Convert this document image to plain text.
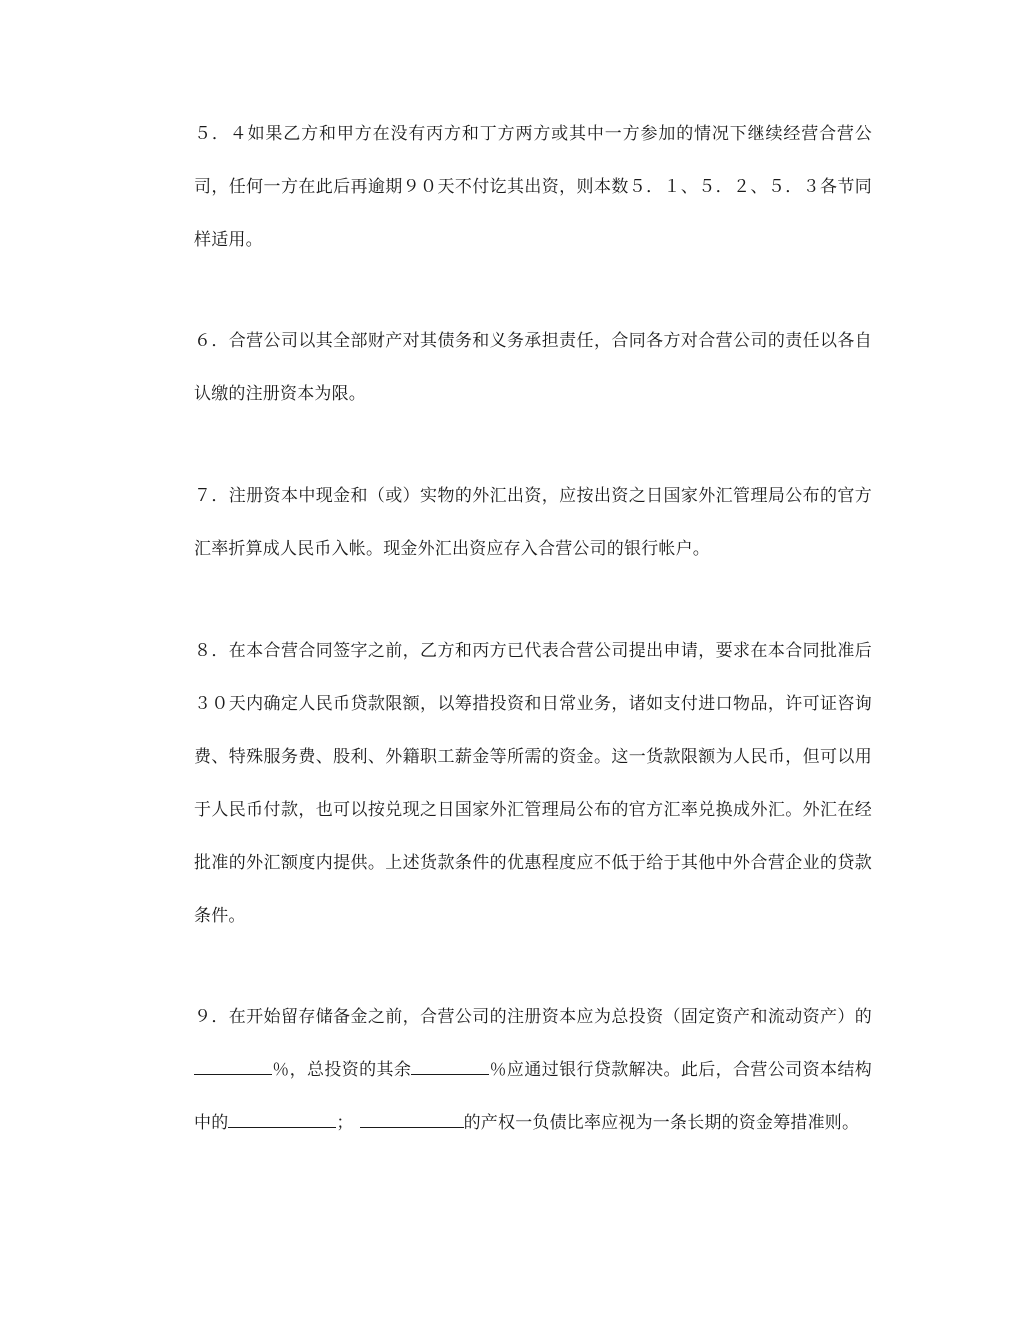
５．４如果乙方和甲方在没有丙方和丁方两方或其中一方参加的情况下继续经营合营公司，任何一方在此后再逾期９０天不付讫其出资，则本数５．１、５．２、５．３各节同样适用。
６．合营公司以其全部财产对其债务和义务承担责任，合同各方对合营公司的责任以各自认缴的注册资本为限。
７．注册资本中现金和（或）实物的外汇出资，应按出资之日国家外汇管理局公布的官方汇率折算成人民币入帐。现金外汇出资应存入合营公司的银行帐户。
８．在本合营合同签字之前，乙方和丙方已代表合营公司提出申请，要求在本合同批准后３０天内确定人民币贷款限额，以筹措投资和日常业务，诸如支付进口物品，许可证咨询费、特殊服务费、股利、外籍职工薪金等所需的资金。这一货款限额为人民币，但可以用于人民币付款，也可以按兑现之日国家外汇管理局公布的官方汇率兑换成外汇。外汇在经批准的外汇额度内提供。上述货款条件的优惠程度应不低于给于其他中外合营企业的贷款条件。
９．在开始留存储备金之前，合营公司的注册资本应为总投资（固定资产和流动资产）的％，总投资的其余	％应通过银行贷款解决。此后，合营公司资本结构中的	；	的产权一负债比率应视为一条长期的资金筹措准则。
